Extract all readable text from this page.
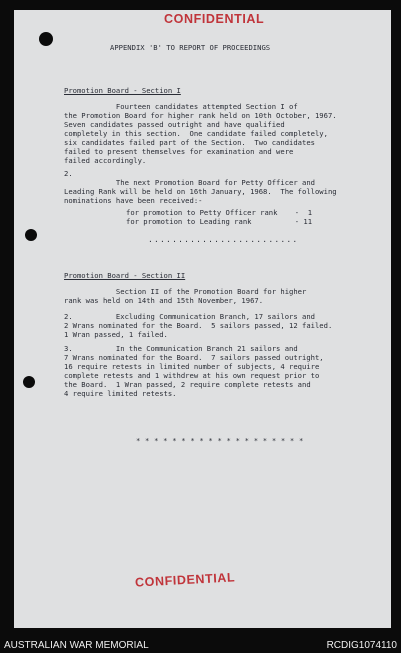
CONFIDENTIAL
APPENDIX 'B' TO REPORT OF PROCEEDINGS
Promotion Board - Section I
Fourteen candidates attempted Section I of
the Promotion Board for higher rank held on 10th October, 1967.
Seven candidates passed outright and have qualified
completely in this section.  One candidate failed completely,
six candidates failed part of the Section.  Two candidates
failed to present themselves for examination and were
failed accordingly.
2.
The next Promotion Board for Petty Officer and
Leading Rank will be held on 16th January, 1968.  The following
nominations have been received:-
for promotion to Petty Officer rank    -  1
for promotion to Leading rank          - 11
.........................
Promotion Board - Section II
Section II of the Promotion Board for higher
rank was held on 14th and 15th November, 1967.
2.          Excluding Communication Branch, 17 sailors and
2 Wrans nominated for the Board.  5 sailors passed, 12 failed.
1 Wran passed, 1 failed.
3.          In the Communication Branch 21 sailors and
7 Wrans nominated for the Board.  7 sailors passed outright,
16 require retests in limited number of subjects, 4 require
complete retests and 1 withdrew at his own request prior to
the Board.  1 Wran passed, 2 require complete retests and
4 require limited retests.
* * * * * * * * * * * * * * * * * * *
CONFIDENTIAL
AUSTRALIAN WAR MEMORIAL	RCDIG1074110
